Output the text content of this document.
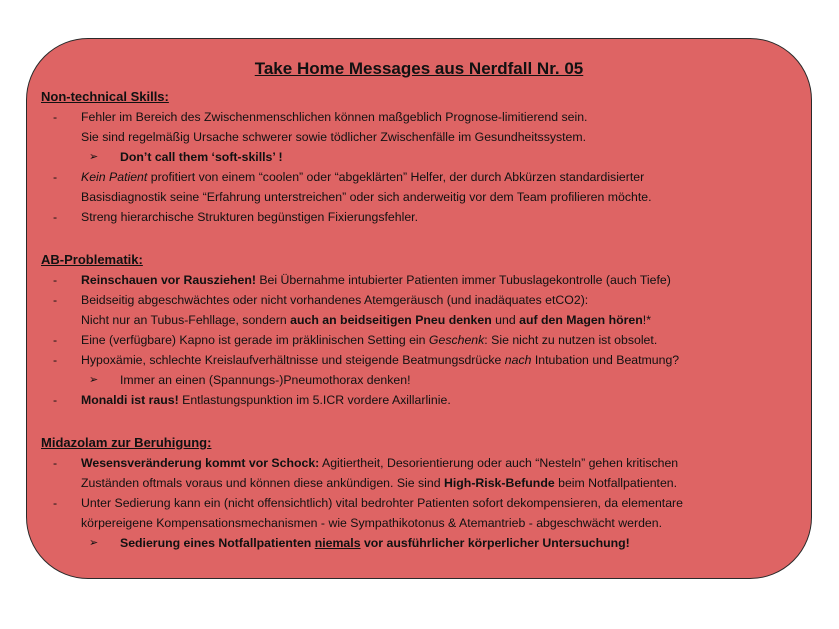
Take Home Messages aus Nerdfall Nr. 05
Non-technical Skills:
- Fehler im Bereich des Zwischenmenschlichen können maßgeblich Prognose-limitierend sein.
Sie sind regelmäßig Ursache schwerer sowie tödlicher Zwischenfälle im Gesundheitssystem.
➢ Don’t call them ‘soft-skills’ !
- Kein Patient profitiert von einem “coolen” oder “abgeklärten” Helfer, der durch Abkürzen standardisierter
Basisdiagnostik seine “Erfahrung unterstreichen” oder sich anderweitig vor dem Team profilieren möchte.
- Streng hierarchische Strukturen begünstigen Fixierungsfehler.
AB-Problematik:
- Reinschauen vor Rausziehen! Bei Übernahme intubierter Patienten immer Tubuslagekontrolle (auch Tiefe)
- Beidseitig abgeschwächtes oder nicht vorhandenes Atemgeräusch (und inadäquates etCO2):
Nicht nur an Tubus-Fehllage, sondern auch an beidseitigen Pneu denken und auf den Magen hören!*
- Eine (verfügbare) Kapno ist gerade im präklinischen Setting ein Geschenk: Sie nicht zu nutzen ist obsolet.
- Hypoxämie, schlechte Kreislaufverhältnisse und steigende Beatmungsdrücke nach Intubation und Beatmung?
➢ Immer an einen (Spannungs-)Pneumothorax denken!
- Monaldi ist raus! Entlastungspunktion im 5.ICR vordere Axillarlinie.
Midazolam zur Beruhigung:
- Wesensveränderung kommt vor Schock: Agitiertheit, Desorientierung oder auch “Nesteln” gehen kritischen
Zuständen oftmals voraus und können diese ankündigen. Sie sind High-Risk-Befunde beim Notfallpatienten.
- Unter Sedierung kann ein (nicht offensichtlich) vital bedrohter Patienten sofort dekompensieren, da elementare
körpereigene Kompensationsmechanismen - wie Sympathikotonus & Atemantrieb - abgeschwächt werden.
➢ Sedierung eines Notfallpatienten niemals vor ausführlicher körperlicher Untersuchung!
